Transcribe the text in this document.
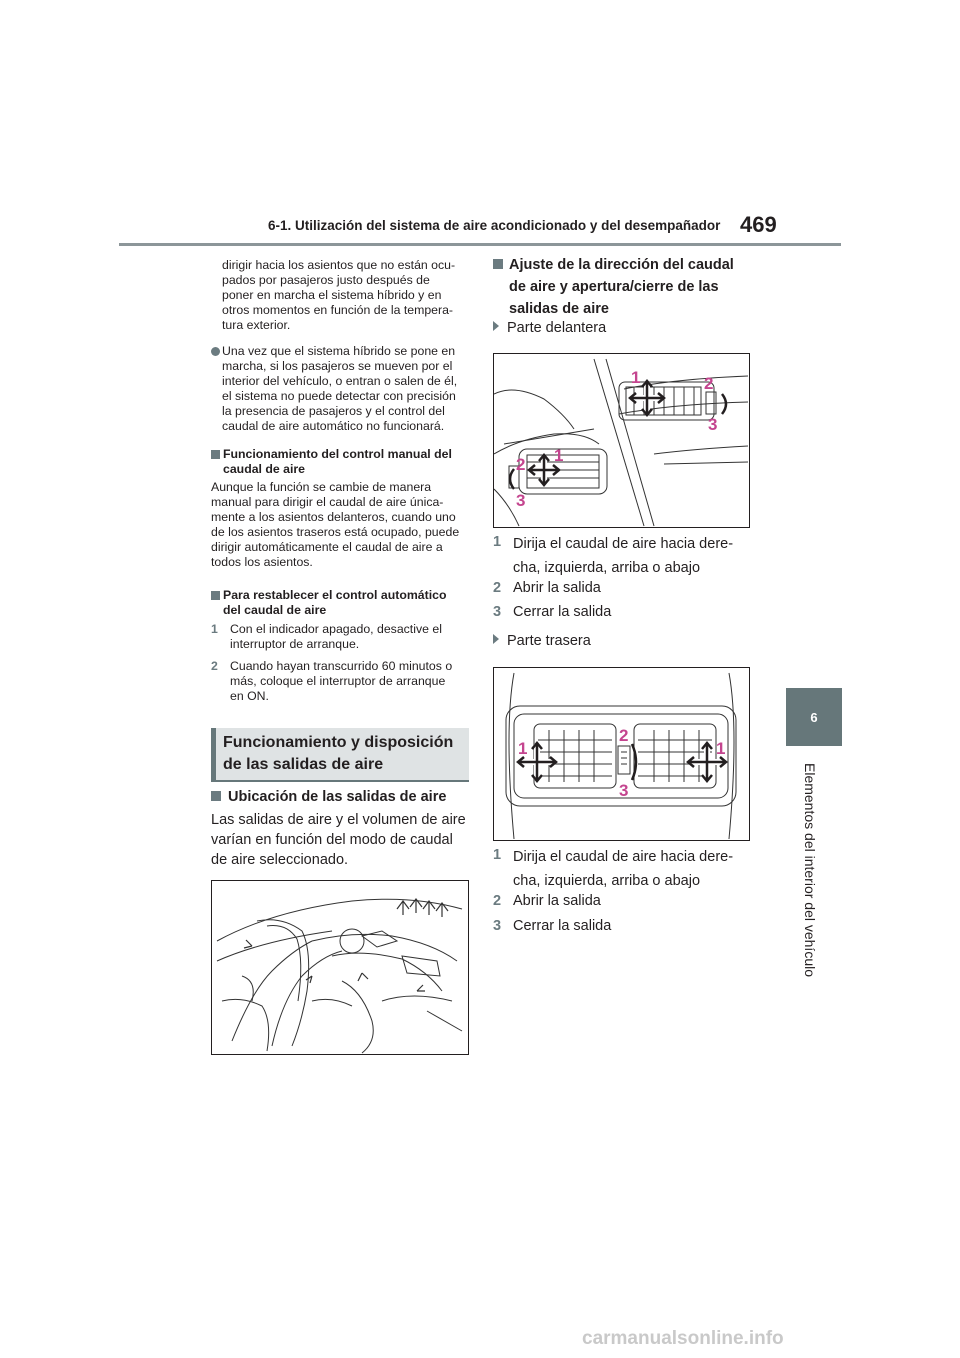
6-1. Utilización del sistema de aire acondicionado y del desempañador 469
6
Elementos del interior del vehículo
dirigir hacia los asientos que no están ocu-
pados por pasajeros justo después de
poner en marcha el sistema híbrido y en
otros momentos en función de la tempera-
tura exterior.
Una vez que el sistema híbrido se pone en
marcha, si los pasajeros se mueven por el
interior del vehículo, o entran o salen de él,
el sistema no puede detectar con precisión
la presencia de pasajeros y el control del
caudal de aire automático no funcionará.
Funcionamiento del control manual del
caudal de aire
Aunque la función se cambie de manera
manual para dirigir el caudal de aire única-
mente a los asientos delanteros, cuando uno
de los asientos traseros está ocupado, puede
dirigir automáticamente el caudal de aire a
todos los asientos.
Para restablecer el control automático
del caudal de aire
1 Con el indicador apagado, desactive el
interruptor de arranque.
2 Cuando hayan transcurrido 60 minutos o
más, coloque el interruptor de arranque
en ON.
Funcionamiento y disposición
de las salidas de aire
Ubicación de las salidas de aire
Las salidas de aire y el volumen de aire
varían en función del modo de caudal
de aire seleccionado.
Ajuste de la dirección del caudal
de aire y apertura/cierre de las
salidas de aire
Parte delantera
1	2
3
2 1
3
1 Dirija el caudal de aire hacia dere-
cha, izquierda, arriba o abajo
2 Abrir la salida
3 Cerrar la salida
Parte trasera
1
2
1
3
1 Dirija el caudal de aire hacia dere-
cha, izquierda, arriba o abajo
2 Abrir la salida
3 Cerrar la salida
carmanualsonline.info
